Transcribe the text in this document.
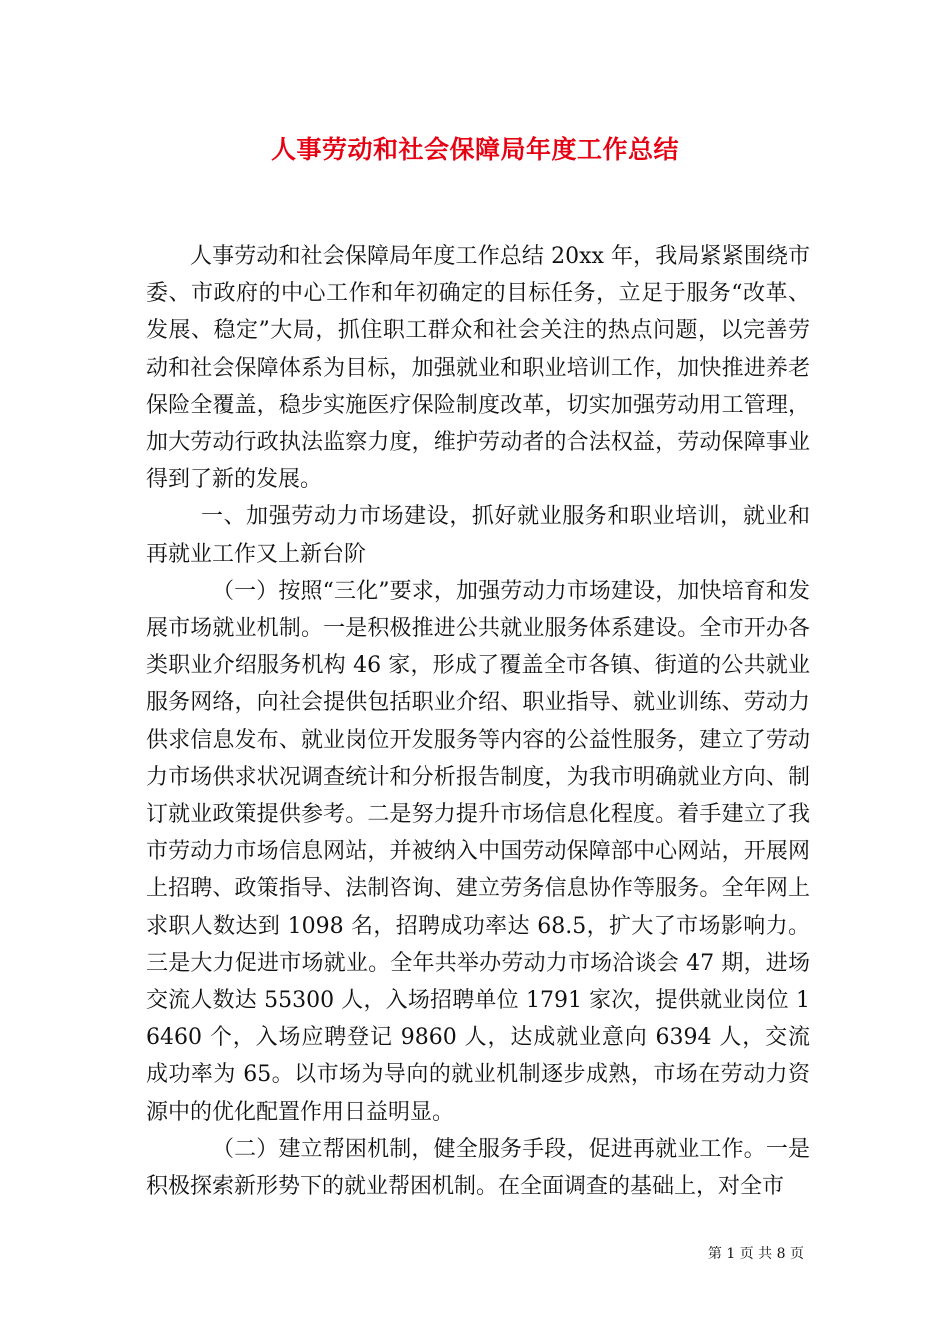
人事劳动和社会保障局年度工作总结

人事劳动和社会保障局年度工作总结 20xx 年，我局紧紧围绕市委、市政府的中心工作和年初确定的目标任务，立足于服务“改革、发展、稳定”大局，抓住职工群众和社会关注的热点问题，以完善劳动和社会保障体系为目标，加强就业和职业培训工作，加快推进养老保险全覆盖，稳步实施医疗保险制度改革，切实加强劳动用工管理，加大劳动行政执法监察力度，维护劳动者的合法权益，劳动保障事业得到了新的发展。

一、加强劳动力市场建设，抓好就业服务和职业培训，就业和再就业工作又上新台阶

（一）按照“三化”要求，加强劳动力市场建设，加快培育和发展市场就业机制。一是积极推进公共就业服务体系建设。全市开办各类职业介绍服务机构 46 家，形成了覆盖全市各镇、街道的公共就业服务网络，向社会提供包括职业介绍、职业指导、就业训练、劳动力供求信息发布、就业岗位开发服务等内容的公益性服务，建立了劳动力市场供求状况调查统计和分析报告制度，为我市明确就业方向、制订就业政策提供参考。二是努力提升市场信息化程度。着手建立了我市劳动力市场信息网站，并被纳入中国劳动保障部中心网站，开展网上招聘、政策指导、法制咨询、建立劳务信息协作等服务。全年网上求职人数达到 1098 名，招聘成功率达 68.5，扩大了市场影响力。三是大力促进市场就业。全年共举办劳动力市场洽谈会 47 期，进场交流人数达 55300 人，入场招聘单位 1791 家次，提供就业岗位 16460 个，入场应聘登记 9860 人，达成就业意向 6394 人，交流成功率为 65。以市场为导向的就业机制逐步成熟，市场在劳动力资源中的优化配置作用日益明显。

（二）建立帮困机制，健全服务手段，促进再就业工作。一是积极探索新形势下的就业帮困机制。在全面调查的基础上，对全市

第 1 页 共 8 页
